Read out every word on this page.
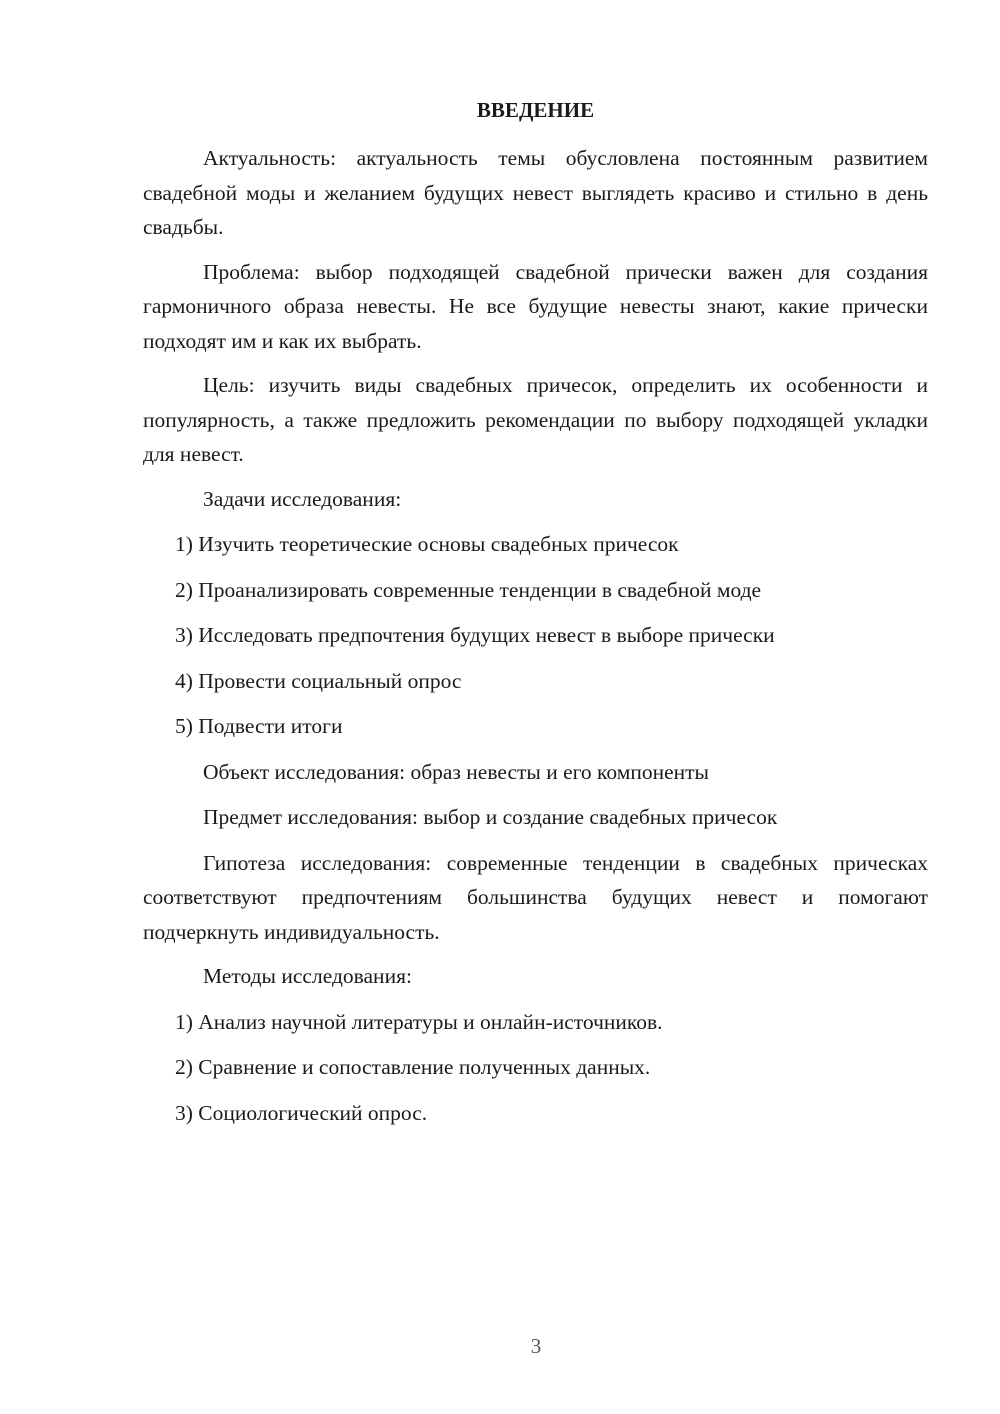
ВВЕДЕНИЕ

Актуальность: актуальность темы обусловлена постоянным развитием свадебной моды и желанием будущих невест выглядеть красиво и стильно в день свадьбы.

Проблема: выбор подходящей свадебной прически важен для создания гармоничного образа невесты. Не все будущие невесты знают, какие прически подходят им и как их выбрать.

Цель: изучить виды свадебных причесок, определить их особенности и популярность, а также предложить рекомендации по выбору подходящей укладки для невест.

Задачи исследования:
1) Изучить теоретические основы свадебных причесок
2) Проанализировать современные тенденции в свадебной моде
3) Исследовать предпочтения будущих невест в выборе прически
4) Провести социальный опрос
5) Подвести итоги
Объект исследования: образ невесты и его компоненты
Предмет исследования: выбор и создание свадебных причесок

Гипотеза исследования: современные тенденции в свадебных прическах соответствуют предпочтениям большинства будущих невест и помогают подчеркнуть индивидуальность.

Методы исследования:
1) Анализ научной литературы и онлайн-источников.
2) Сравнение и сопоставление полученных данных.
3) Социологический опрос.
3
